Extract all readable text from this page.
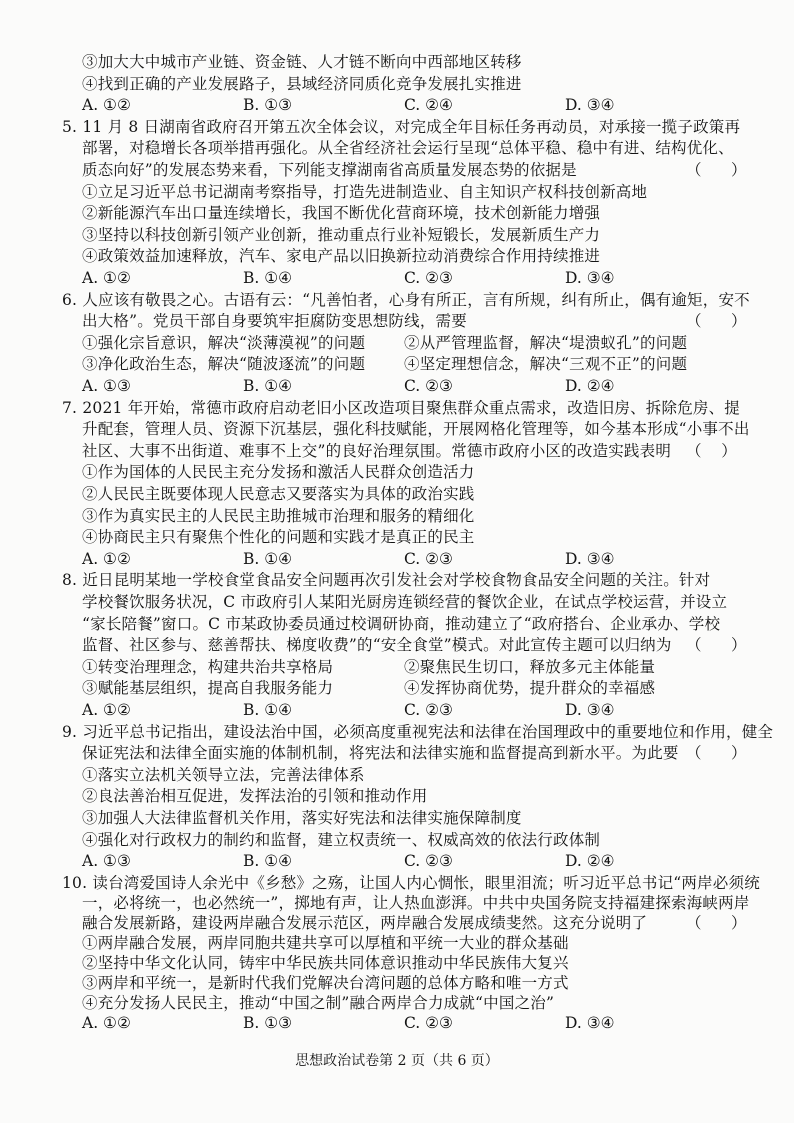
③加大大中城市产业链、资金链、人才链不断向中西部地区转移
④找到正确的产业发展路子，县域经济同质化竞争发展扎实推进
A. ①②	B. ①③	C. ②④	D. ③④
5. 11 月 8 日湖南省政府召开第五次全体会议，对完成全年目标任务再动员，对承接一揽子政策再
部署，对稳增长各项举措再强化。从全省经济社会运行呈现“总体平稳、稳中有进、结构优化、
质态向好”的发展态势来看，下列能支撑湖南省高质量发展态势的依据是	（      ）
①立足习近平总书记湖南考察指导，打造先进制造业、自主知识产权科技创新高地
②新能源汽车出口量连续增长，我国不断优化营商环境，技术创新能力增强
③坚持以科技创新引领产业创新，推动重点行业补短锻长，发展新质生产力
④政策效益加速释放，汽车、家电产品以旧换新拉动消费综合作用持续推进
A. ①②	B. ①④	C. ②③	D. ③④
6. 人应该有敬畏之心。古语有云：“凡善怕者，心身有所正，言有所规，纠有所止，偶有逾矩，安不
出大格”。党员干部自身要筑牢拒腐防变思想防线，需要	（      ）
①强化宗旨意识，解决“淡薄漠视”的问题	②从严管理监督，解决“堤溃蚁孔”的问题
③净化政治生态，解决“随波逐流”的问题	④坚定理想信念，解决“三观不正”的问题
A. ①③	B. ①④	C. ②③	D. ②④
7. 2021 年开始，常德市政府启动老旧小区改造项目聚焦群众重点需求，改造旧房、拆除危房、提
升配套，管理人员、资源下沉基层，强化科技赋能，开展网格化管理等，如今基本形成“小事不出
社区、大事不出街道、难事不上交”的良好治理氛围。常德市政府小区的改造实践表明 （    ）
①作为国体的人民民主充分发扬和激活人民群众创造活力
②人民民主既要体现人民意志又要落实为具体的政治实践
③作为真实民主的人民民主助推城市治理和服务的精细化
④协商民主只有聚焦个性化的问题和实践才是真正的民主
A. ①②	B. ①④	C. ②③	D. ③④
8. 近日昆明某地一学校食堂食品安全问题再次引发社会对学校食物食品安全问题的关注。针对
学校餐饮服务状况，C 市政府引人某阳光厨房连锁经营的餐饮企业，在试点学校运营，并设立
“家长陪餐”窗口。C 市某政协委员通过校调研协商，推动建立了“政府搭台、企业承办、学校
监督、社区参与、慈善帮扶、梯度收费”的“安全食堂”模式。对此宣传主题可以归纳为 （      ）
①转变治理理念，构建共治共享格局	②聚焦民生切口，释放多元主体能量
③赋能基层组织，提高自我服务能力	④发挥协商优势，提升群众的幸福感
A. ①②	B. ①④	C. ②③	D. ③④
9. 习近平总书记指出，建设法治中国，必须高度重视宪法和法律在治国理政中的重要地位和作用，健全
保证宪法和法律全面实施的体制机制，将宪法和法律实施和监督提高到新水平。为此要 （      ）
①落实立法机关领导立法，完善法律体系
②良法善治相互促进，发挥法治的引领和推动作用
③加强人大法律监督机关作用，落实好宪法和法律实施保障制度
④强化对行政权力的制约和监督，建立权责统一、权威高效的依法行政体制
A. ①③	B. ①④	C. ②③	D. ②④
10. 读台湾爱国诗人余光中《乡愁》之殇，让国人内心惆怅，眼里泪流；听习近平总书记“两岸必须统
一，必将统一，也必然统一”，掷地有声，让人热血澎湃。中共中央国务院支持福建探索海峡两岸
融合发展新路，建设两岸融合发展示范区，两岸融合发展成绩斐然。这充分说明了	（      ）
①两岸融合发展，两岸同胞共建共享可以厚植和平统一大业的群众基础
思想政治试卷第 2 页（共 6 页）
②坚持中华文化认同，铸牢中华民族共同体意识推动中华民族伟大复兴
③两岸和平统一，是新时代我们党解决台湾问题的总体方略和唯一方式
④充分发扬人民民主，推动“中国之制”融合两岸合力成就“中国之治”
A. ①②	B. ①③	C. ②③	D. ③④
